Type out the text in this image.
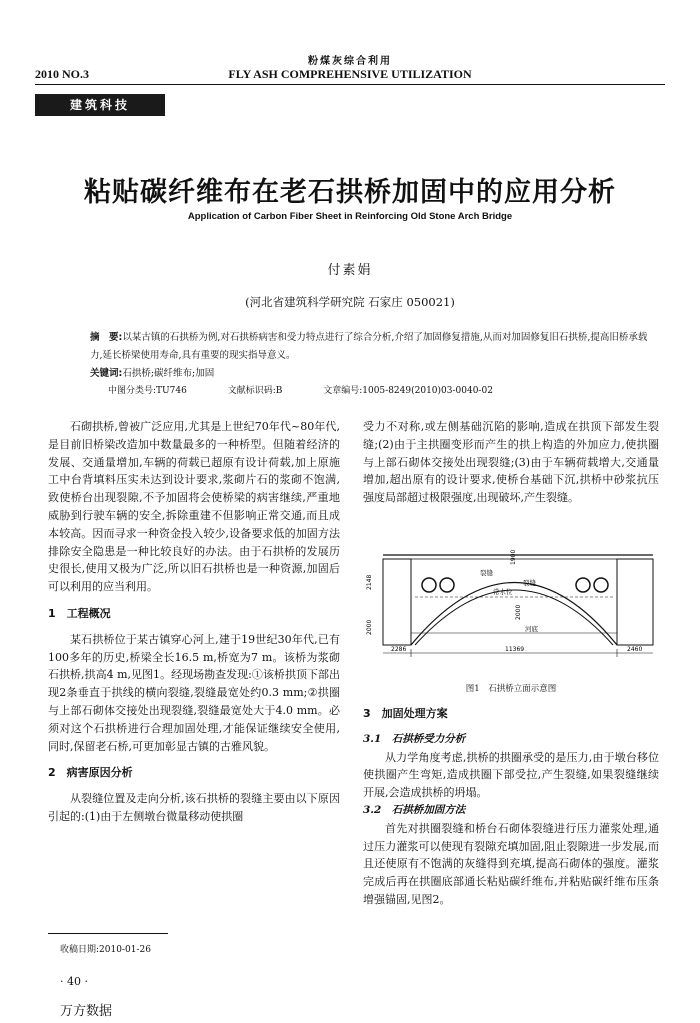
粉煤灰综合利用
2010 NO.3	FLY ASH COMPREHENSIVE UTILIZATION
建筑科技
粘贴碳纤维布在老石拱桥加固中的应用分析
Application of Carbon Fiber Sheet in Reinforcing Old Stone Arch Bridge
付素娟
(河北省建筑科学研究院 石家庄 050021)
摘　要:以某古镇的石拱桥为例,对石拱桥病害和受力特点进行了综合分析,介绍了加固修复措施,从而对加固修复旧石拱桥,提高旧桥承载力,延长桥梁使用寿命,具有重要的现实指导意义。
关键词:石拱桥;碳纤维布;加固
中图分类号:TU746	文献标识码:B	文章编号:1005-8249(2010)03-0040-02

石砌拱桥,曾被广泛应用,尤其是上世纪70年代~80年代,是目前旧桥梁改造加中数量最多的一种桥型。但随着经济的发展、交通量增加,车辆的荷载已超原有设计荷载,加上原施工中台背填料压实未达到设计要求,浆砌片石的浆砌不饱满,致使桥台出现裂隙,不予加固将会使桥梁的病害继续,严重地威胁到行驶车辆的安全,拆除重建不但影响正常交通,而且成本较高。因而寻求一种资金投入较少,设备要求低的加固方法排除安全隐患是一种比较良好的办法。由于石拱桥的发展历史很长,使用又极为广泛,所以旧石拱桥也是一种资源,加固后可以利用的应当利用。

1　工程概况

某石拱桥位于某古镇穿心河上,建于19世纪30年代,已有100多年的历史,桥梁全长16.5 m,桥宽为7 m。该桥为浆砌石拱桥,拱高4 m,见图1。经现场勘查发现:①该桥拱顶下部出现2条垂直于拱线的横向裂缝,裂缝最宽处约0.3 mm;②拱圈与上部石砌体交接处出现裂缝,裂缝最宽处大于4.0 mm。必须对这个石拱桥进行合理加固处理,才能保证继续安全使用,同时,保留老石桥,可更加彰显古镇的古雅风貌。

2　病害原因分析

从裂缝位置及走向分析,该石拱桥的裂缝主要由以下原因引起的:(1)由于左侧墩台微量移动使拱圈

受力不对称,或左侧基础沉陷的影响,造成在拱顶下部发生裂缝;(2)由于主拱圈变形而产生的拱上构造的外加应力,使拱圈与上部石砌体交接处出现裂缝;(3)由于车辆荷载增大,交通量增加,超出原有的设计要求,使桥台基础下沉,拱桥中砂浆抗压强度局部超过极限强度,出现破坏,产生裂缝。

裂缝
裂缝
常水位
河底
2148
2000
2000
1900
2286	11369	2460
图1　石拱桥立面示意图
3　加固处理方案
3.1　石拱桥受力分析

从力学角度考虑,拱桥的拱圈承受的是压力,由于墩台移位使拱圈产生弯矩,造成拱圈下部受拉,产生裂缝,如果裂缝继续开展,会造成拱桥的坍塌。

3.2　石拱桥加固方法

首先对拱圈裂缝和桥台石砌体裂缝进行压力灌浆处理,通过压力灌浆可以使现有裂隙充填加固,阻止裂隙进一步发展,而且还使原有不饱满的灰缝得到充填,提高石砌体的强度。灌浆完成后再在拱圈底部通长粘贴碳纤维布,并粘贴碳纤维布压条增强锚固,见图2。

收稿日期:2010-01-26
· 40 ·
万方数据
